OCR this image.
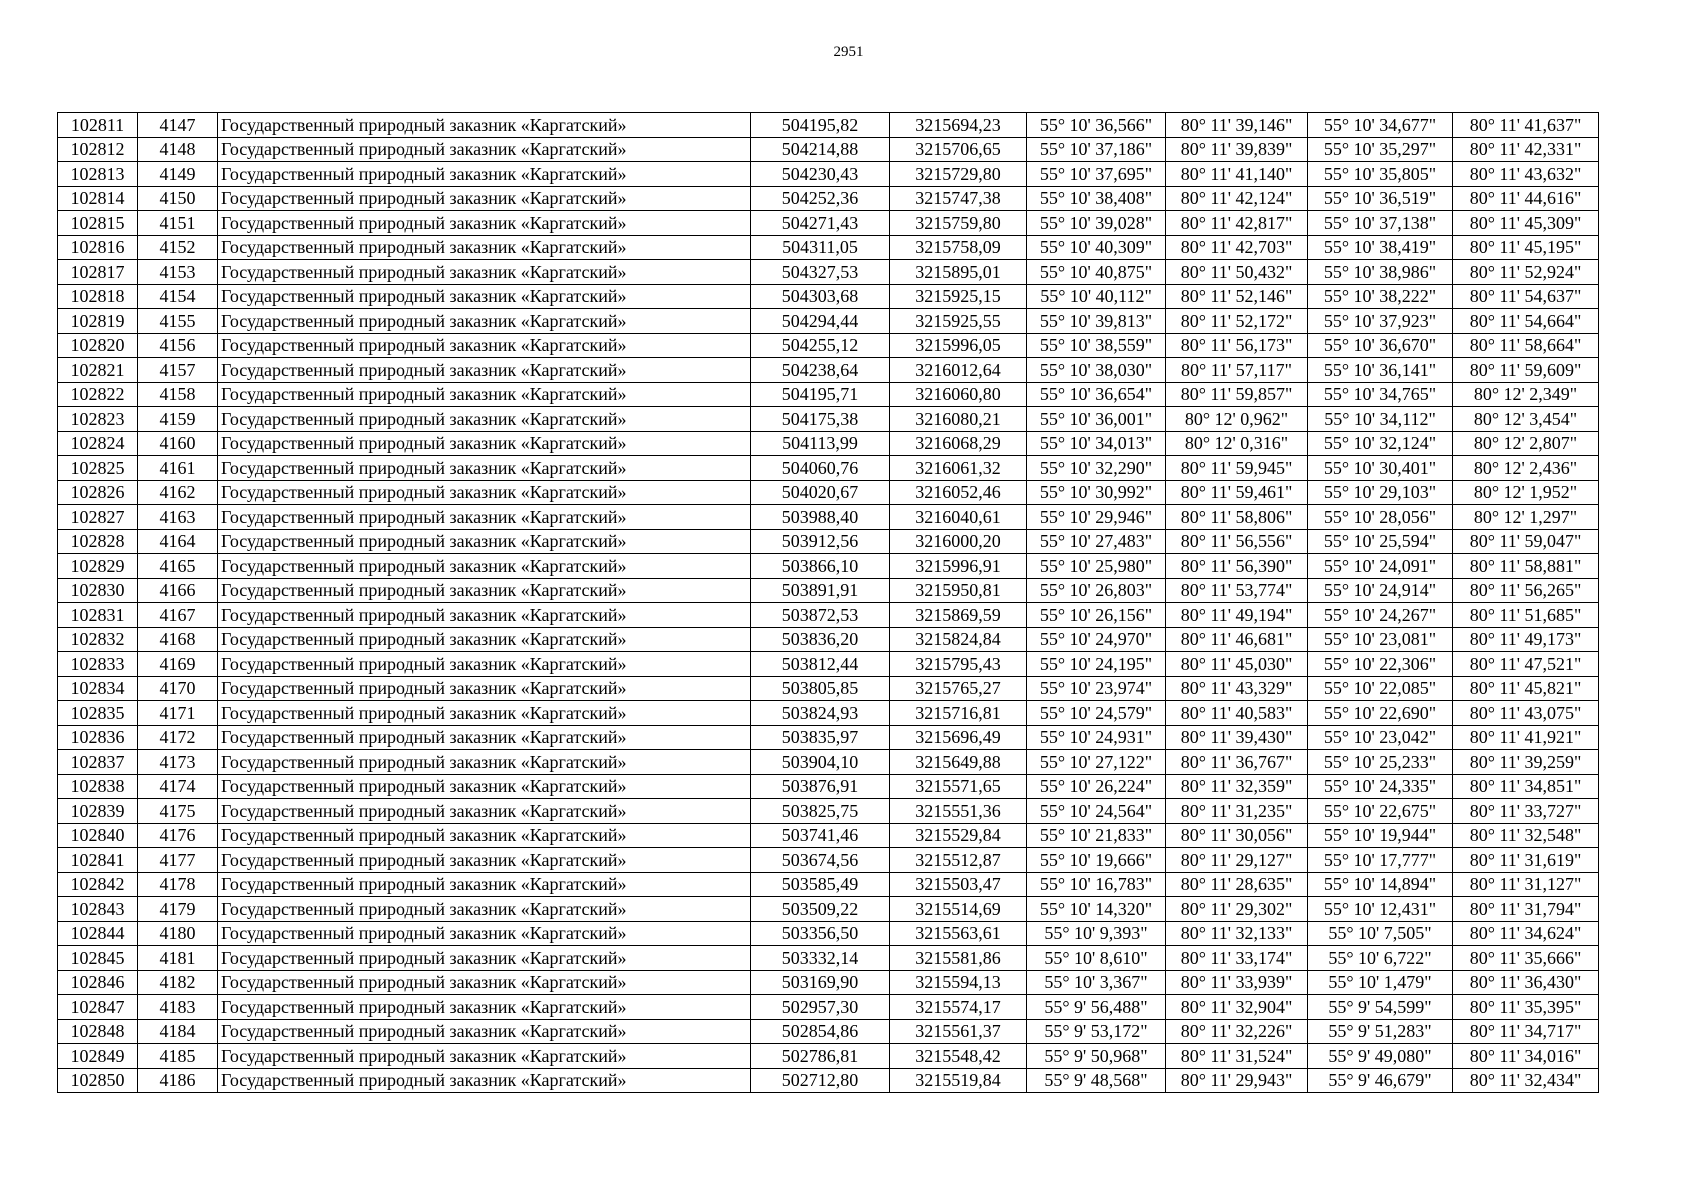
2951
102811	4147	Государственный природный заказник «Каргатский»	504195,82	3215694,23	55° 10' 36,566"	80° 11' 39,146"	55° 10' 34,677"	80° 11' 41,637"
102812	4148	Государственный природный заказник «Каргатский»	504214,88	3215706,65	55° 10' 37,186"	80° 11' 39,839"	55° 10' 35,297"	80° 11' 42,331"
102813	4149	Государственный природный заказник «Каргатский»	504230,43	3215729,80	55° 10' 37,695"	80° 11' 41,140"	55° 10' 35,805"	80° 11' 43,632"
102814	4150	Государственный природный заказник «Каргатский»	504252,36	3215747,38	55° 10' 38,408"	80° 11' 42,124"	55° 10' 36,519"	80° 11' 44,616"
102815	4151	Государственный природный заказник «Каргатский»	504271,43	3215759,80	55° 10' 39,028"	80° 11' 42,817"	55° 10' 37,138"	80° 11' 45,309"
102816	4152	Государственный природный заказник «Каргатский»	504311,05	3215758,09	55° 10' 40,309"	80° 11' 42,703"	55° 10' 38,419"	80° 11' 45,195"
102817	4153	Государственный природный заказник «Каргатский»	504327,53	3215895,01	55° 10' 40,875"	80° 11' 50,432"	55° 10' 38,986"	80° 11' 52,924"
102818	4154	Государственный природный заказник «Каргатский»	504303,68	3215925,15	55° 10' 40,112"	80° 11' 52,146"	55° 10' 38,222"	80° 11' 54,637"
102819	4155	Государственный природный заказник «Каргатский»	504294,44	3215925,55	55° 10' 39,813"	80° 11' 52,172"	55° 10' 37,923"	80° 11' 54,664"
102820	4156	Государственный природный заказник «Каргатский»	504255,12	3215996,05	55° 10' 38,559"	80° 11' 56,173"	55° 10' 36,670"	80° 11' 58,664"
102821	4157	Государственный природный заказник «Каргатский»	504238,64	3216012,64	55° 10' 38,030"	80° 11' 57,117"	55° 10' 36,141"	80° 11' 59,609"
102822	4158	Государственный природный заказник «Каргатский»	504195,71	3216060,80	55° 10' 36,654"	80° 11' 59,857"	55° 10' 34,765"	80° 12' 2,349"
102823	4159	Государственный природный заказник «Каргатский»	504175,38	3216080,21	55° 10' 36,001"	80° 12' 0,962"	55° 10' 34,112"	80° 12' 3,454"
102824	4160	Государственный природный заказник «Каргатский»	504113,99	3216068,29	55° 10' 34,013"	80° 12' 0,316"	55° 10' 32,124"	80° 12' 2,807"
102825	4161	Государственный природный заказник «Каргатский»	504060,76	3216061,32	55° 10' 32,290"	80° 11' 59,945"	55° 10' 30,401"	80° 12' 2,436"
102826	4162	Государственный природный заказник «Каргатский»	504020,67	3216052,46	55° 10' 30,992"	80° 11' 59,461"	55° 10' 29,103"	80° 12' 1,952"
102827	4163	Государственный природный заказник «Каргатский»	503988,40	3216040,61	55° 10' 29,946"	80° 11' 58,806"	55° 10' 28,056"	80° 12' 1,297"
102828	4164	Государственный природный заказник «Каргатский»	503912,56	3216000,20	55° 10' 27,483"	80° 11' 56,556"	55° 10' 25,594"	80° 11' 59,047"
102829	4165	Государственный природный заказник «Каргатский»	503866,10	3215996,91	55° 10' 25,980"	80° 11' 56,390"	55° 10' 24,091"	80° 11' 58,881"
102830	4166	Государственный природный заказник «Каргатский»	503891,91	3215950,81	55° 10' 26,803"	80° 11' 53,774"	55° 10' 24,914"	80° 11' 56,265"
102831	4167	Государственный природный заказник «Каргатский»	503872,53	3215869,59	55° 10' 26,156"	80° 11' 49,194"	55° 10' 24,267"	80° 11' 51,685"
102832	4168	Государственный природный заказник «Каргатский»	503836,20	3215824,84	55° 10' 24,970"	80° 11' 46,681"	55° 10' 23,081"	80° 11' 49,173"
102833	4169	Государственный природный заказник «Каргатский»	503812,44	3215795,43	55° 10' 24,195"	80° 11' 45,030"	55° 10' 22,306"	80° 11' 47,521"
102834	4170	Государственный природный заказник «Каргатский»	503805,85	3215765,27	55° 10' 23,974"	80° 11' 43,329"	55° 10' 22,085"	80° 11' 45,821"
102835	4171	Государственный природный заказник «Каргатский»	503824,93	3215716,81	55° 10' 24,579"	80° 11' 40,583"	55° 10' 22,690"	80° 11' 43,075"
102836	4172	Государственный природный заказник «Каргатский»	503835,97	3215696,49	55° 10' 24,931"	80° 11' 39,430"	55° 10' 23,042"	80° 11' 41,921"
102837	4173	Государственный природный заказник «Каргатский»	503904,10	3215649,88	55° 10' 27,122"	80° 11' 36,767"	55° 10' 25,233"	80° 11' 39,259"
102838	4174	Государственный природный заказник «Каргатский»	503876,91	3215571,65	55° 10' 26,224"	80° 11' 32,359"	55° 10' 24,335"	80° 11' 34,851"
102839	4175	Государственный природный заказник «Каргатский»	503825,75	3215551,36	55° 10' 24,564"	80° 11' 31,235"	55° 10' 22,675"	80° 11' 33,727"
102840	4176	Государственный природный заказник «Каргатский»	503741,46	3215529,84	55° 10' 21,833"	80° 11' 30,056"	55° 10' 19,944"	80° 11' 32,548"
102841	4177	Государственный природный заказник «Каргатский»	503674,56	3215512,87	55° 10' 19,666"	80° 11' 29,127"	55° 10' 17,777"	80° 11' 31,619"
102842	4178	Государственный природный заказник «Каргатский»	503585,49	3215503,47	55° 10' 16,783"	80° 11' 28,635"	55° 10' 14,894"	80° 11' 31,127"
102843	4179	Государственный природный заказник «Каргатский»	503509,22	3215514,69	55° 10' 14,320"	80° 11' 29,302"	55° 10' 12,431"	80° 11' 31,794"
102844	4180	Государственный природный заказник «Каргатский»	503356,50	3215563,61	55° 10' 9,393"	80° 11' 32,133"	55° 10' 7,505"	80° 11' 34,624"
102845	4181	Государственный природный заказник «Каргатский»	503332,14	3215581,86	55° 10' 8,610"	80° 11' 33,174"	55° 10' 6,722"	80° 11' 35,666"
102846	4182	Государственный природный заказник «Каргатский»	503169,90	3215594,13	55° 10' 3,367"	80° 11' 33,939"	55° 10' 1,479"	80° 11' 36,430"
102847	4183	Государственный природный заказник «Каргатский»	502957,30	3215574,17	55° 9' 56,488"	80° 11' 32,904"	55° 9' 54,599"	80° 11' 35,395"
102848	4184	Государственный природный заказник «Каргатский»	502854,86	3215561,37	55° 9' 53,172"	80° 11' 32,226"	55° 9' 51,283"	80° 11' 34,717"
102849	4185	Государственный природный заказник «Каргатский»	502786,81	3215548,42	55° 9' 50,968"	80° 11' 31,524"	55° 9' 49,080"	80° 11' 34,016"
102850	4186	Государственный природный заказник «Каргатский»	502712,80	3215519,84	55° 9' 48,568"	80° 11' 29,943"	55° 9' 46,679"	80° 11' 32,434"
